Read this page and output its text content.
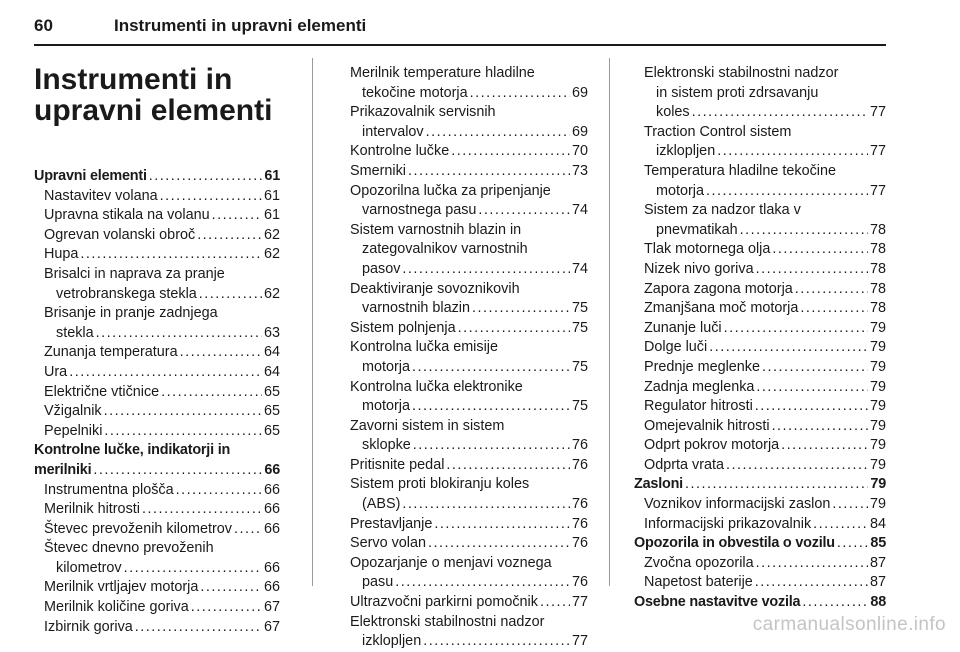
60	Instrumenti in upravni elementi
Instrumenti in
upravni elementi
Upravni elementi .....	61
Nastavitev volana .....	61
Upravna stikala na volanu .....	61
Ogrevan volanski obroč .....	62
Hupa .....	62
Brisalci in naprava za pranje
vetrobranskega stekla .....	62
Brisanje in pranje zadnjega
stekla .....	63
Zunanja temperatura .....	64
Ura .....	64
Električne vtičnice .....	65
Vžigalnik .....	65
Pepelniki .....	65
Kontrolne lučke, indikatorji in
merilniki .....	66
Instrumentna plošča .....	66
Merilnik hitrosti .....	66
Števec prevoženih kilometrov ..... 66
Števec dnevno prevoženih
kilometrov .....	66
Merilnik vrtljajev motorja .....	66
Merilnik količine goriva .....	67
Izbirnik goriva .....	67
Merilnik temperature hladilne
tekočine motorja .....	69
Prikazovalnik servisnih
intervalov .....	69
Kontrolne lučke .....	70
Smerniki .....	73
Opozorilna lučka za pripenjanje
varnostnega pasu .....	74
Sistem varnostnih blazin in
zategovalnikov varnostnih
pasov .....	74
Deaktiviranje sovoznikovih
varnostnih blazin .....	75
Sistem polnjenja .....	75
Kontrolna lučka emisije
motorja .....	75
Kontrolna lučka elektronike
motorja .....	75
Zavorni sistem in sistem
sklopke .....	76
Pritisnite pedal .....	76
Sistem proti blokiranju koles
(ABS) .....	76
Prestavljanje .....	76
Servo volan .....	76
Opozarjanje o menjavi voznega
pasu .....	76
Ultrazvočni parkirni pomočnik ..... 77
Elektronski stabilnostni nadzor
izklopljen .....	77
Elektronski stabilnostni nadzor
in sistem proti zdrsavanju
koles .....	77
Traction Control sistem
izklopljen .....	77
Temperatura hladilne tekočine
motorja .....	77
Sistem za nadzor tlaka v
pnevmatikah .....	78
Tlak motornega olja .....	78
Nizek nivo goriva .....	78
Zapora zagona motorja .....	78
Zmanjšana moč motorja .....	78
Zunanje luči .....	79
Dolge luči .....	79
Prednje meglenke .....	79
Zadnja meglenka .....	79
Regulator hitrosti .....	79
Omejevalnik hitrosti .....	79
Odprt pokrov motorja .....	79
Odprta vrata .....	79
Zasloni .....	79
Voznikov informacijski zaslon .....	79
Informacijski prikazovalnik .....	84
Opozorila in obvestila o vozilu ..... 85
Zvočna opozorila .....	87
Napetost baterije .....	87
Osebne nastavitve vozila .....	88
carmanualsonline.info
